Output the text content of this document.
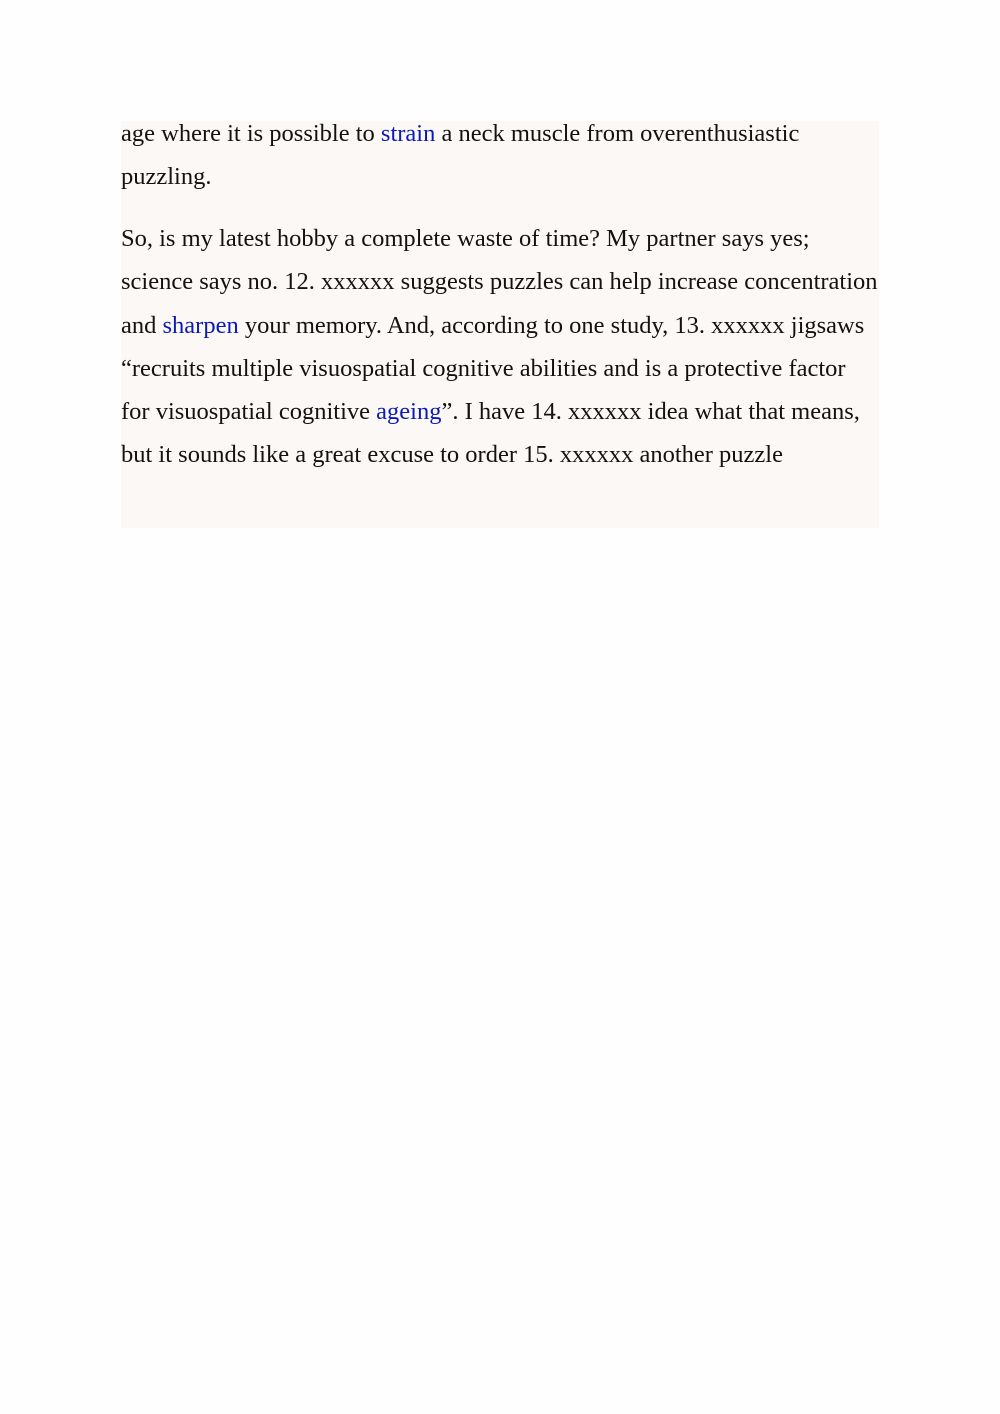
age where it is possible to strain a neck muscle from overenthusiastic puzzling.

So, is my latest hobby a complete waste of time? My partner says yes; science says no. 12. xxxxxx suggests puzzles can help increase concentration and sharpen your memory. And, according to one study, 13. xxxxxx jigsaws “recruits multiple visuospatial cognitive abilities and is a protective factor for visuospatial cognitive ageing”. I have 14. xxxxxx idea what that means, but it sounds like a great excuse to order 15. xxxxxx another puzzle
